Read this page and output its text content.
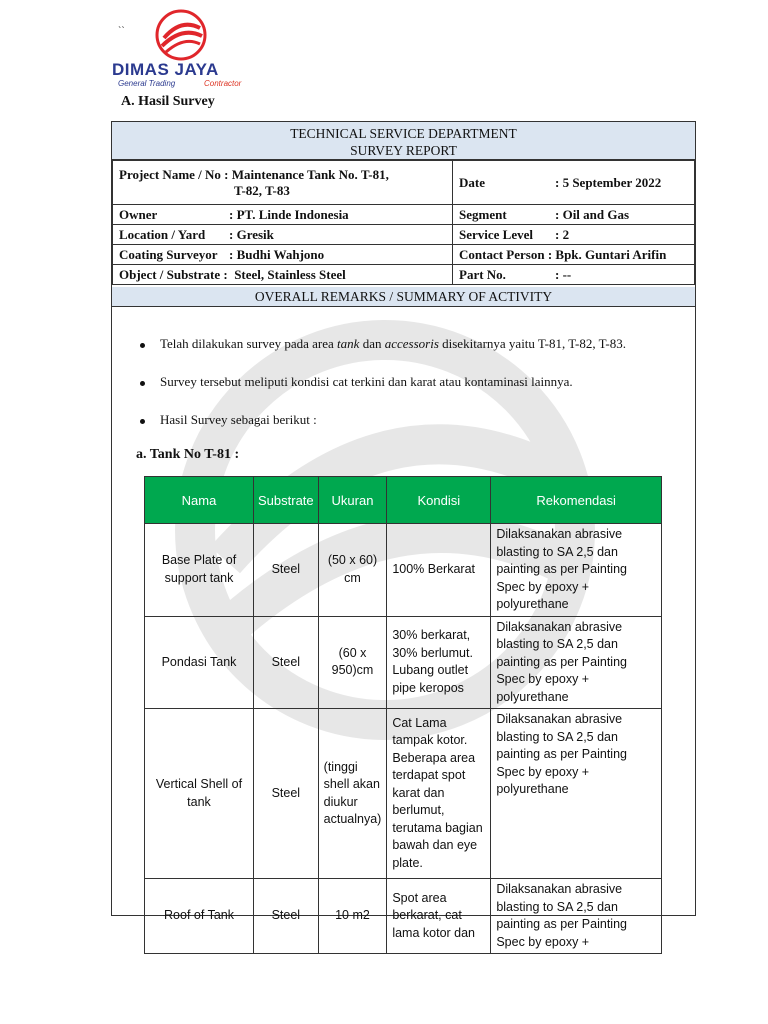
DIMAS JAYA
General Trading	Contractor
``
A. Hasil Survey
TECHNICAL SERVICE DEPARTMENT
SURVEY REPORT
Project Name / No : Maintenance Tank No. T-81,
T-82, T-83	Date : 5 September 2022
Owner : PT. Linde Indonesia	Segment : Oil and Gas
Location / Yard : Gresik	Service Level : 2
Coating Surveyor : Budhi Wahjono	Contact Person : Bpk. Guntari Arifin
Object / Substrate : Steel, Stainless Steel	Part No. : --
OVERALL REMARKS / SUMMARY OF ACTIVITY
Telah dilakukan survey pada area tank dan accessoris disekitarnya yaitu T-81, T-82, T-83.
Survey tersebut meliputi kondisi cat terkini dan karat atau kontaminasi lainnya.
Hasil Survey sebagai berikut :
a. Tank No T-81 :
Nama	Substrate	Ukuran	Kondisi	Rekomendasi
Base Plate of support tank	Steel	(50 x 60) cm	100% Berkarat	Dilaksanakan abrasive blasting to SA 2,5 dan painting as per Painting Spec by epoxy + polyurethane
Pondasi Tank	Steel	(60 x 950)cm	30% berkarat, 30% berlumut. Lubang outlet pipe keropos	Dilaksanakan abrasive blasting to SA 2,5 dan painting as per Painting Spec by epoxy + polyurethane
Vertical Shell of tank	Steel	(tinggi shell akan diukur actualnya)	Cat Lama tampak kotor. Beberapa area terdapat spot karat dan berlumut, terutama bagian bawah dan eye plate.	Dilaksanakan abrasive blasting to SA 2,5 dan painting as per Painting Spec by epoxy + polyurethane
Roof of Tank	Steel	10 m2	Spot area berkarat, cat lama kotor dan	Dilaksanakan abrasive blasting to SA 2,5 dan painting as per Painting Spec by epoxy +
